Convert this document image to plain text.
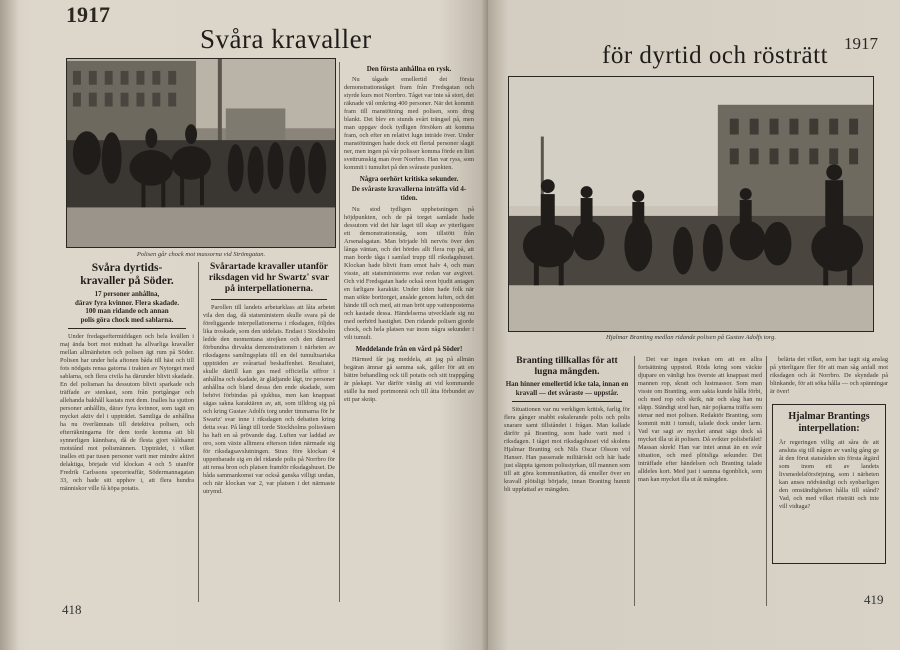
1917
Svåra kravaller
Polisen går chock mot massorna vid Strömgatan.
Svåra dyrtids-
kravaller på Söder.
17 personer anhållna,
därav fyra kvinnor. Flera skadade.
100 man ridande och annan
polis göra chock med sablarna.

Under fredagseftermiddagen och hela kvällen i maj ända bort mot midnatt ha allvarliga kravaller mellan allmänheten och polisen ägt rum på Söder. Polisen har under hela aftonen båda till häst och till fots nödgats rensa gatorna i trakten av Nytorget med sablarna, och flera civila ha därunder blivit skadade. En del polisman ha dessutom blivit sparkade och träffade av stenkast, som från portgångar och allehanda bakhåll kastats mot dem. Inalles ha sjutton personer anhållits, därav fyra kvinnor, som tagit en mycket aktiv del i uppträdet. Samtliga de anhållna ha nu överlämnats till detektiva polisen, och efterräkningarna för dem torde komma att bli synnerligen kännbara, då de flesta gjort våldsamt motstånd mot polismännen. Uppträdet, i vilket inalles ett par tusen personer varit mer mindre aktivt delaktiga, började vid klockan 4 och 5 utanför Fredrik Carlssons specerieaffär, Södermannagatan 33, och hade sitt upphov i, att flera hundra människor ville få köpa potatis.

Svårartade kravaller utanför riksdagen vid hr Swartz' svar på interpellationerna.

Parollen till landets arbetarklass att låta arbetet vila den dag, då statsministern skulle svara på de föreliggande interpellationerna i riksdagen, följdes lika troskade, som den utdelats. Endast i Stockholm ledde den momentana strejken och den därmed förbundna dirvakta demonstrationen i närheten av riksdagens samlingsplats till en del tumultuariska uppträden av svårartad beskaffenhet. Resultatet, skulle därtill kan ges med officiella siffror i anhållna och skadade, är glädjande lågt, tre personer anhållna och bland dessa den ende skadade, som behövt förbindas på sjukhus, men kan knappast sägas sakna karaktären av, att, som tilldrog sig på och kring Gustav Adolfs torg under timmarna för hr Swartz' svar inne i riksdagen och debatten kring detta svar. På långt till torde Stockholms polisväsen ha haft en så prövande dag. Luften var laddad av oro, som växte alltmera efterson tiden närmade sig för riksdagsavslutningen. Strax före klockan 4 uppenbarade sig en del ridande polis på Norrbro för att rensa bron och platsen framför riksdagshuset. De båda sammankomst var också ganska villigt undan, och när klockan var 2, var platsen i det närmaste utrymd.

Den första anhållna en rysk.

Nu tågade emellertid det första demonstrationståget fram från Fredsgatan och styrde kurs mot Norrbro. Tåget var inte så stort, det räknade väl omkring 400 personer. När det kommit fram till manstötning med polisen, som drog blankt. Det blev en stunds svårt trängsel på, men man uppgav dock tydligen försöken att komma fram, och efter en relativt lugn inträde över. Under manstötningen hade dock ett flertal personer slagit ner, men ingen på vår polisser komma förde en litet svettrumskig man över Norrbro. Han var ryss, som kommit i tumultet på den svåraste punkten.

Några oerhört kritiska sekunder.
De svåraste kravallerna inträffa vid 4-tiden.

Nu stod tydligen upphetsningen på höjdpunkten, och de på torget samlade hade dessutom vid det här laget till skap av ytterligare ett demonstrationståg, som tillstött från Arsenalsgatan. Man började bli nervös över den långa väntan, och det hördes allt flera rop på, att man borde tåga i samlad trupp till riksdagshuset. Klockan hade blivit fram emot halv 4, och man visste, att statsministerns svar redan var avgivet. Och vid Fredsgatan hade också oron bjudit antagen en farligare karaktär. Under tiden hade folk när man sökte borttorget, ansåde genom luften, och det hände till och med, att man bröt upp vattenposterna och kastade dessa. Händelserna utvecklade sig nu med oerhörd hastighet. Den ridande polisen gjorde chock, och hela platsen var inom några sekunder i vilt tumult.

Meddelande från en vård på Söder!

Härmed får jag meddela, att jag på allmän begäran ämnar gå samma sak, gäller för att en bättre behandling ock till potatis och sitt trappgång är påskapt. Var därför vänlig att vid kommande ställe ha med portmonnä och till åtta förbundet av ett par skräp.

418
för dyrtid och rösträtt 1917
Hjalmar Branting medlan ridande polisen på Gustav Adolfs torg.
Branting tillkallas för att lugna mängden.
Han hinner emellertid icke tala, innan en kravall — det svåraste — uppstår.

Situationen var nu verkligen kritisk, farlig för flera gånger snabbt eskalerande polis och polis snarare samt tillståndet i frågan. Man kallade därför på Branting, som hade varit med i riksdagen. I tåget mot riksdagshuset vid skolens Hjalmar Branting och Nils Oscar Olsson vid Hanser. Han passerade militäriskt och här hade just släppta igenom polisstyrkan, till mannen som till att göra kommunikation, då emeller över en kravall plötsligt började, innan Branting hunnit bli uppfattad av mängden.

Det var ingen tvekan om att en allra fortsättning uppstod. Röda kring som väckte djupare en vänligt hos överste att knappast med mannen rop, skratt och lustmassor. Som man visste om Branting, som sakta kunde hålla förbi, och med rop och skrik, när och slag han nu släpp. Ständigt stod han, när pojkarna träffa som stenar ned mot polisen. Redaktör Branting, som kommit mitt i tumult, talade dock under larm. Vad var sagt av mycket annat sägs dock så mycket illa ut åt polisen. Då svikter polisbefälet! Massan skrek! Han var intet annat än en svår situation, och med plötsliga sekunder. Det inträffade efter händelsen och Branting talade alldeles kort. Med just i samma ögonblick, som man kan mycket illa ut åt mängden.

belärta det vilket, som har tagit sig anslag på ytterligare fler för att man såg anfall mot riksdagen och åt Norrbro. De skyndade på blinkande, för att söka hålla — och spänningar är över!

Hjalmar Brantings interpellation:
Är regeringen villig att såra de att ansluta sig till någon av vanlig gång ge åt den förut statsråden sin första åtgärd som inom ett av landets livsmedelsförsörjning, som i närheten kan anses nödvändigt och synbarligen den omständigheten hålla till stånd? Vad, och med vilket rösträtt och inte vill vidtaga?
419
